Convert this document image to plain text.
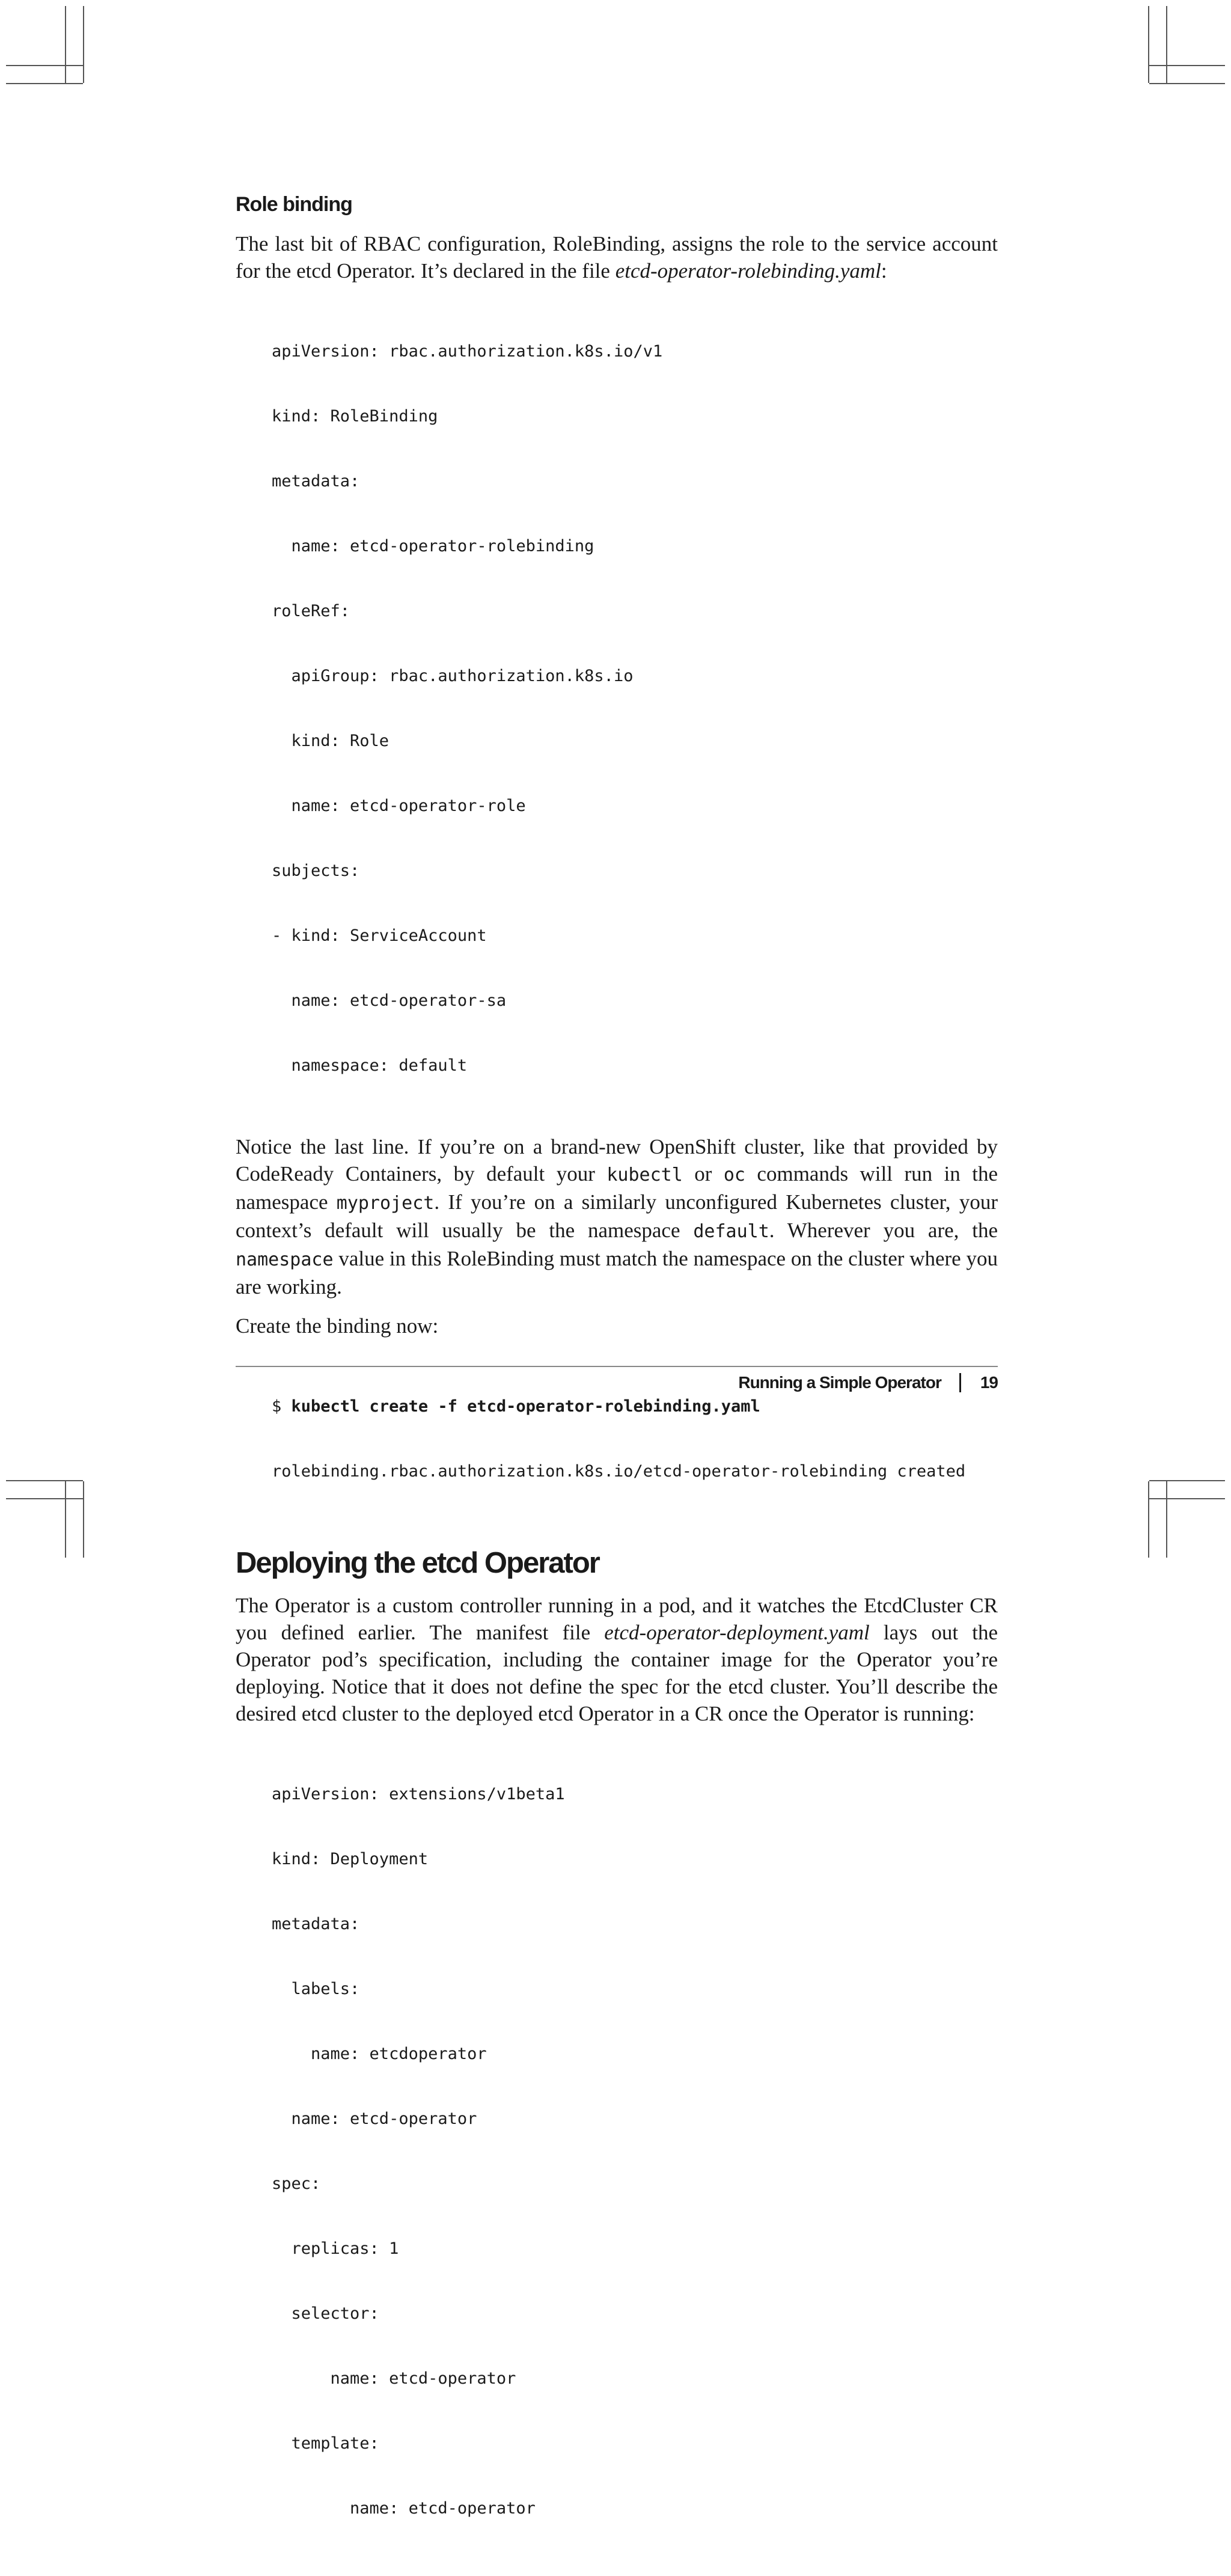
Role binding

The last bit of RBAC configuration, RoleBinding, assigns the role to the service account for the etcd Operator. It’s declared in the file etcd-operator-rolebinding.yaml:

apiVersion: rbac.authorization.k8s.io/v1

kind: RoleBinding

metadata:

name: etcd-operator-rolebinding

roleRef:

apiGroup: rbac.authorization.k8s.io

kind: Role

name: etcd-operator-role

subjects:

- kind: ServiceAccount

name: etcd-operator-sa

namespace: default

Notice the last line. If you’re on a brand-new OpenShift cluster, like that provided by CodeReady Containers, by default your kubectl or oc commands will run in the namespace myproject. If you’re on a similarly unconfigured Kubernetes cluster, your context’s default will usually be the namespace default. Wherever you are, the namespace value in this RoleBinding must match the namespace on the cluster where you are working.

Create the binding now:

$ kubectl create -f etcd-operator-rolebinding.yaml

rolebinding.rbac.authorization.k8s.io/etcd-operator-rolebinding created

Deploying the etcd Operator

The Operator is a custom controller running in a pod, and it watches the EtcdCluster CR you defined earlier. The manifest file etcd-operator-deployment.yaml lays out the Operator pod’s specification, including the container image for the Operator you’re deploying. Notice that it does not define the spec for the etcd cluster. You’ll describe the desired etcd cluster to the deployed etcd Operator in a CR once the Operator is running:

apiVersion: extensions/v1beta1

kind: Deployment

metadata:

labels:

name: etcdoperator

name: etcd-operator

spec:

replicas: 1

selector:

name: etcd-operator

template:

name: etcd-operator

Running a Simple Operator 19
